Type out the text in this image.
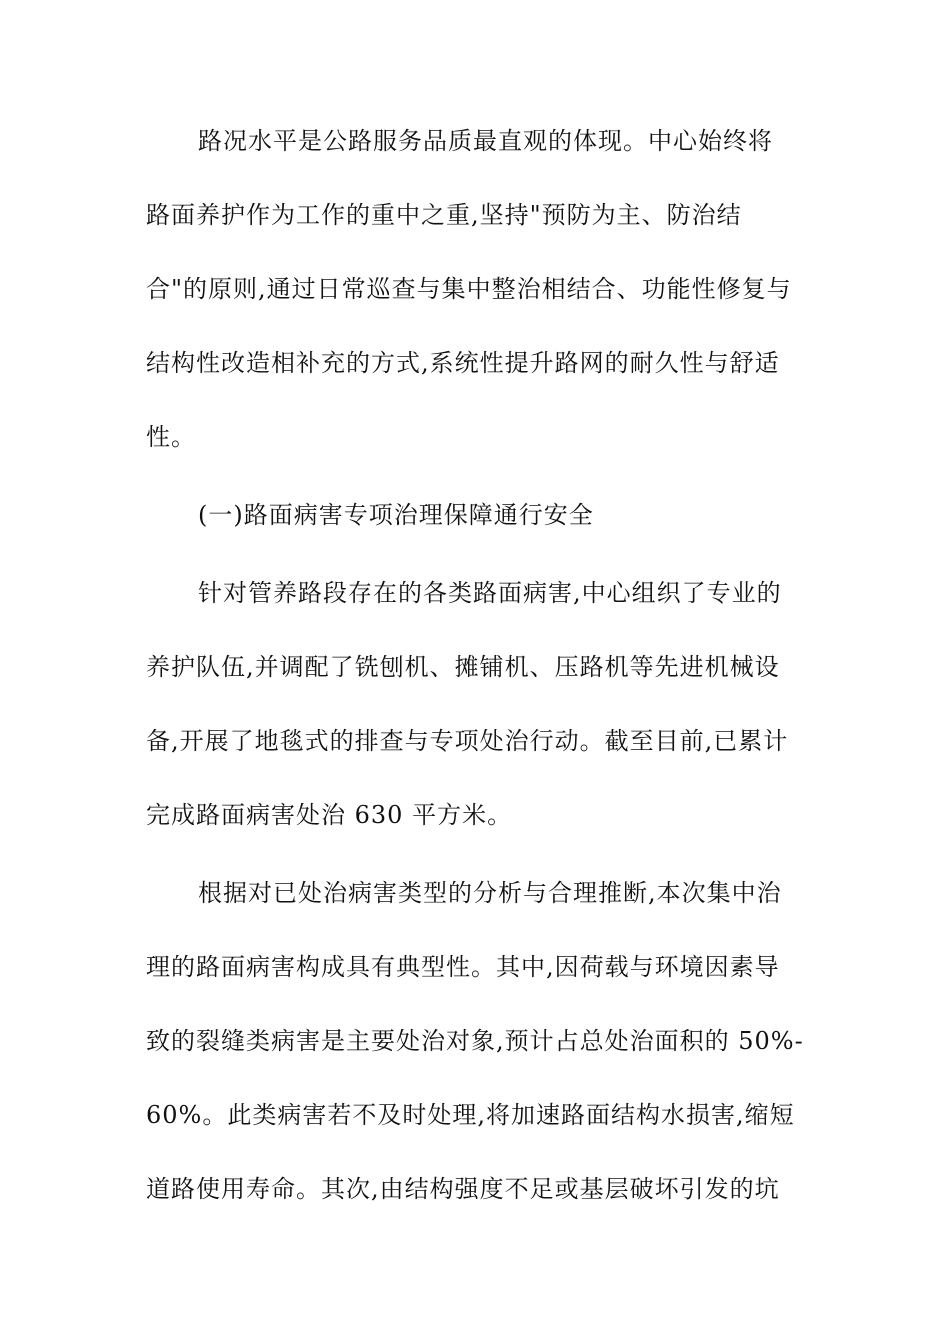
路况水平是公路服务品质最直观的体现。中心始终将
路面养护作为工作的重中之重,坚持"预防为主、防治结
合"的原则,通过日常巡查与集中整治相结合、功能性修复与
结构性改造相补充的方式,系统性提升路网的耐久性与舒适
性。
(一)路面病害专项治理保障通行安全
针对管养路段存在的各类路面病害,中心组织了专业的
养护队伍,并调配了铣刨机、摊铺机、压路机等先进机械设
备,开展了地毯式的排查与专项处治行动。截至目前,已累计
完成路面病害处治 630 平方米。
根据对已处治病害类型的分析与合理推断,本次集中治
理的路面病害构成具有典型性。其中,因荷载与环境因素导
致的裂缝类病害是主要处治对象,预计占总处治面积的 50%-
60%。此类病害若不及时处理,将加速路面结构水损害,缩短
道路使用寿命。其次,由结构强度不足或基层破坏引发的坑
